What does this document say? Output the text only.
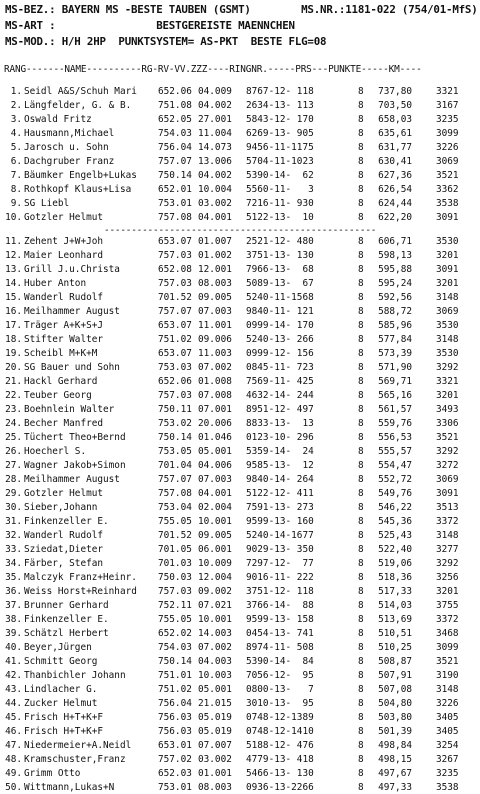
MS-BEZ.: BAYERN MS -BESTE TAUBEN (GSMT)        MS.NR.:1181-022 (754/01-MfS)
MS-ART :                BESTGEREISTE MAENNCHEN
MS-MOD.: H/H 2HP  PUNKTSYSTEM= AS-PKT  BESTE FLG=08
RANG-------NAME----------RG-RV-VV.ZZZ----RINGNR.-----PRS---PUNKTE-----KM----
1. Seidl A&S/Schuh Mari 652.06 04.009 8767-12- 118	8	737,80	3321
2. Längfelder, G. & B.	751.08 04.002 2634-13- 113	8	703,50	3167
3. Oswald Fritz	652.05 27.001 5843-12- 170	8	658,03	3235
4. Hausmann,Michael	754.03 11.004 6269-13- 905	8	635,61	3099
5. Jarosch u. Sohn	756.04 14.073 9456-11-1175	8	631,77	3226
6. Dachgruber Franz	757.07 13.006 5704-11-1023	8	630,41	3069
7. Bäumker Engelb+Lukas 750.14 04.002 5390-14-  62	8	627,36	3521
8. Rothkopf Klaus+Lisa	652.01 10.004 5560-11-   3	8	626,54	3362
9. SG Liebl	753.01 03.002 7216-11- 930	8	624,44	3538
10. Gotzler Helmut	757.08 04.001 5122-13-  10	8	622,20	3091
--------------------------------------------------
11. Zehent J+W+Joh	653.07 01.007 2521-12- 480	8	606,71	3530
12. Maier Leonhard	757.03 01.002 3751-13- 130	8	598,13	3201
13. Grill J.u.Christa	652.08 12.001 7966-13-  68	8	595,88	3091
14. Huber Anton	757.03 08.003 5089-13-  67	8	595,24	3201
15. Wanderl Rudolf	701.52 09.005 5240-11-1568	8	592,56	3148
16. Meilhammer August	757.07 07.003 9840-11- 121	8	588,72	3069
17. Träger A+K+S+J	653.07 11.001 0999-14- 170	8	585,96	3530
18. Stifter Walter	751.02 09.006 5240-13- 266	8	577,84	3148
19. Scheibl M+K+M	653.07 11.003 0999-12- 156	8	573,39	3530
20. SG Bauer und Sohn	753.03 07.002 0845-11- 723	8	571,90	3292
21. Hackl Gerhard	652.06 01.008 7569-11- 425	8	569,71	3321
22. Teuber Georg	757.03 07.008 4632-14- 244	8	565,16	3201
23. Boehnlein Walter	750.11 07.001 8951-12- 497	8	561,57	3493
24. Becher Manfred	753.02 20.006 8833-13-  13	8	559,76	3306
25. Tüchert Theo+Bernd	750.14 01.046 0123-10- 296	8	556,53	3521
26. Hoecherl S.	753.05 05.001 5359-14-  24	8	555,57	3292
27. Wagner Jakob+Simon	701.04 04.006 9585-13-  12	8	554,47	3272
28. Meilhammer August	757.07 07.003 9840-14- 264	8	552,72	3069
29. Gotzler Helmut	757.08 04.001 5122-12- 411	8	549,76	3091
30. Sieber,Johann	753.04 02.004 7591-13- 273	8	546,22	3513
31. Finkenzeller E.	755.05 10.001 9599-13- 160	8	545,36	3372
32. Wanderl Rudolf	701.52 09.005 5240-14-1677	8	525,43	3148
33. Sziedat,Dieter	701.05 06.001 9029-13- 350	8	522,40	3277
34. Färber, Stefan	701.03 10.009 7297-12-  77	8	519,06	3292
35. Malczyk Franz+Heinr. 750.03 12.004 9016-11- 222	8	518,36	3256
36. Weiss Horst+Reinhard 757.03 09.002 3751-12- 118	8	517,33	3201
37. Brunner Gerhard	752.11 07.021 3766-14-  88	8	514,03	3755
38. Finkenzeller E.	755.05 10.001 9599-13- 158	8	513,69	3372
39. Schätzl Herbert	652.02 14.003 0454-13- 741	8	510,51	3468
40. Beyer,Jürgen	754.03 07.002 8974-11- 508	8	510,25	3099
41. Schmitt Georg	750.14 04.003 5390-14-  84	8	508,87	3521
42. Thanbichler Johann	751.01 10.003 7056-12-  95	8	507,91	3190
43. Lindlacher G.	751.02 05.001 0800-13-   7	8	507,08	3148
44. Zucker Helmut	756.04 21.015 3010-13-  95	8	504,80	3226
45. Frisch H+T+K+F	756.03 05.019 0748-12-1389	8	503,80	3405
46. Frisch H+T+K+F	756.03 05.019 0748-12-1410	8	501,39	3405
47. Niedermeier+A.Neidl	653.01 07.007 5188-12- 476	8	498,84	3254
48. Kramschuster,Franz	757.02 03.002 4779-13- 418	8	498,15	3267
49. Grimm Otto	652.03 01.001 5466-13- 130	8	497,67	3235
50. Wittmann,Lukas+N	753.01 08.003 0936-13-2266	8	497,33	3538
